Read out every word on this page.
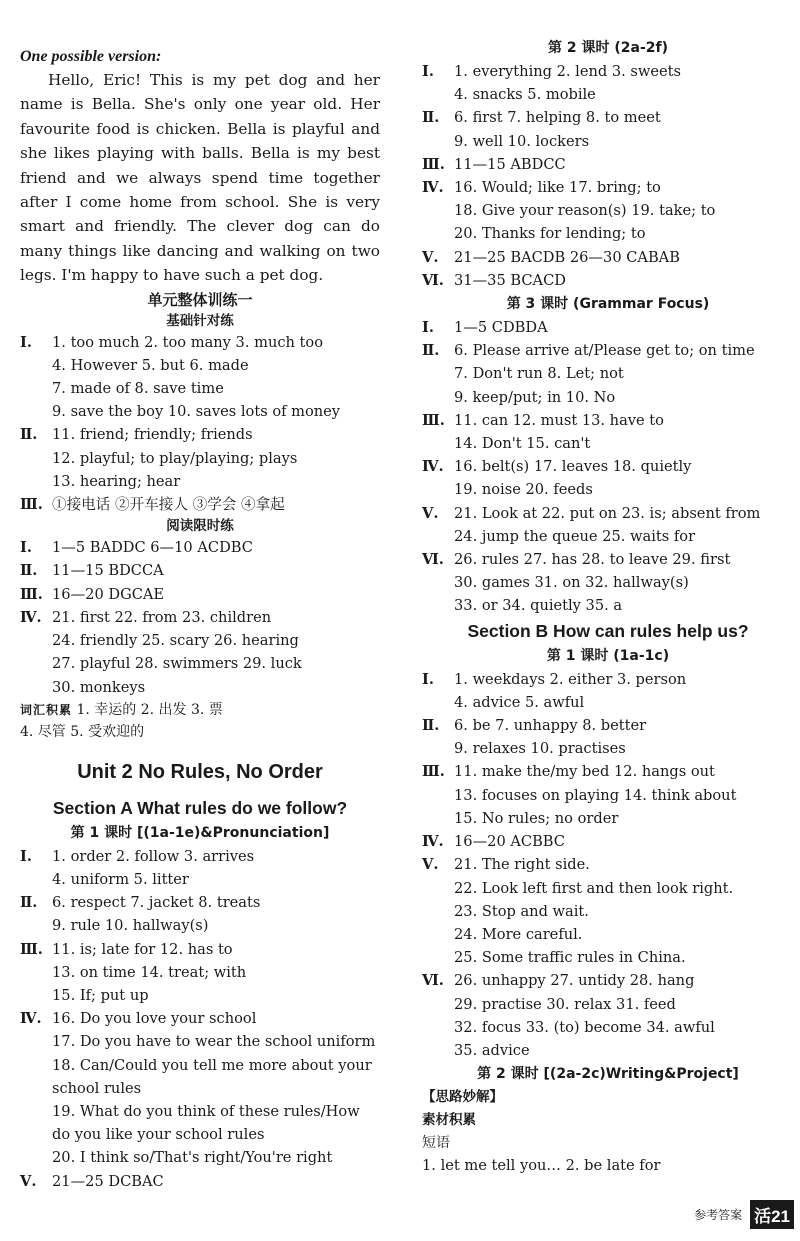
One possible version:

Hello, Eric! This is my pet dog and her name is Bella. She's only one year old. Her favourite food is chicken. Bella is playful and she likes playing with balls. Bella is my best friend and we always spend time together after I come home from school. She is very smart and friendly. The clever dog can do many things like dancing and walking on two legs. I'm happy to have such a pet dog.

单元整体训练一
基础针对练
Ⅰ.	1. too much 2. too many 3. much too
4. However 5. but 6. made
7. made of 8. save time
9. save the boy 10. saves lots of money
Ⅱ.	11. friend; friendly; friends
12. playful; to play/playing; plays
13. hearing; hear
Ⅲ. ①接电话 ②开车接人 ③学会 ④拿起
阅读限时练
Ⅰ.	1—5 BADDC 6—10 ACDBC
Ⅱ.	11—15 BDCCA
Ⅲ. 16—20 DGCAE
Ⅳ. 21. first 22. from 23. children
24. friendly 25. scary 26. hearing
27. playful 28. swimmers 29. luck
30. monkeys
词汇积累 1. 幸运的 2. 出发 3. 票
4. 尽管 5. 受欢迎的
Unit 2 No Rules, No Order
Section A What rules do we follow?
第 1 课时 [(1a-1e)&Pronunciation]
Ⅰ.	1. order 2. follow 3. arrives
4. uniform 5. litter
Ⅱ.	6. respect 7. jacket 8. treats
9. rule 10. hallway(s)
Ⅲ. 11. is; late for 12. has to
13. on time 14. treat; with
15. If; put up
Ⅳ. 16. Do you love your school
17. Do you have to wear the school uniform
18. Can/Could you tell me more about your school rules
19. What do you think of these rules/How do you like your school rules
20. I think so/That's right/You're right
Ⅴ.	21—25 DCBAC
第 2 课时 (2a-2f)
Ⅰ.	1. everything 2. lend 3. sweets
4. snacks 5. mobile
Ⅱ.	6. first 7. helping 8. to meet
9. well 10. lockers
Ⅲ. 11—15 ABDCC
Ⅳ. 16. Would; like 17. bring; to
18. Give your reason(s) 19. take; to
20. Thanks for lending; to
Ⅴ.	21—25 BACDB 26—30 CABAB
Ⅵ. 31—35 BCACD
第 3 课时 (Grammar Focus)
Ⅰ.	1—5 CDBDA
Ⅱ.	6. Please arrive at/Please get to; on time
7. Don't run 8. Let; not
9. keep/put; in 10. No
Ⅲ. 11. can 12. must 13. have to
14. Don't 15. can't
Ⅳ. 16. belt(s) 17. leaves 18. quietly
19. noise 20. feeds
Ⅴ.	21. Look at 22. put on 23. is; absent from
24. jump the queue 25. waits for
Ⅵ. 26. rules 27. has 28. to leave 29. first
30. games 31. on 32. hallway(s)
33. or 34. quietly 35. a
Section B How can rules help us?
第 1 课时 (1a-1c)
Ⅰ.	1. weekdays 2. either 3. person
4. advice 5. awful
Ⅱ.	6. be 7. unhappy 8. better
9. relaxes 10. practises
Ⅲ. 11. make the/my bed 12. hangs out
13. focuses on playing 14. think about
15. No rules; no order
Ⅳ. 16—20 ACBBC
Ⅴ.	21. The right side.
22. Look left first and then look right.
23. Stop and wait.
24. More careful.
25. Some traffic rules in China.
Ⅵ. 26. unhappy 27. untidy 28. hang
29. practise 30. relax 31. feed
32. focus 33. (to) become 34. awful
35. advice
第 2 课时 [(2a-2c)Writing&Project]
【思路妙解】
素材积累
短语
1. let me tell you… 2. be late for
参考答案 活21
